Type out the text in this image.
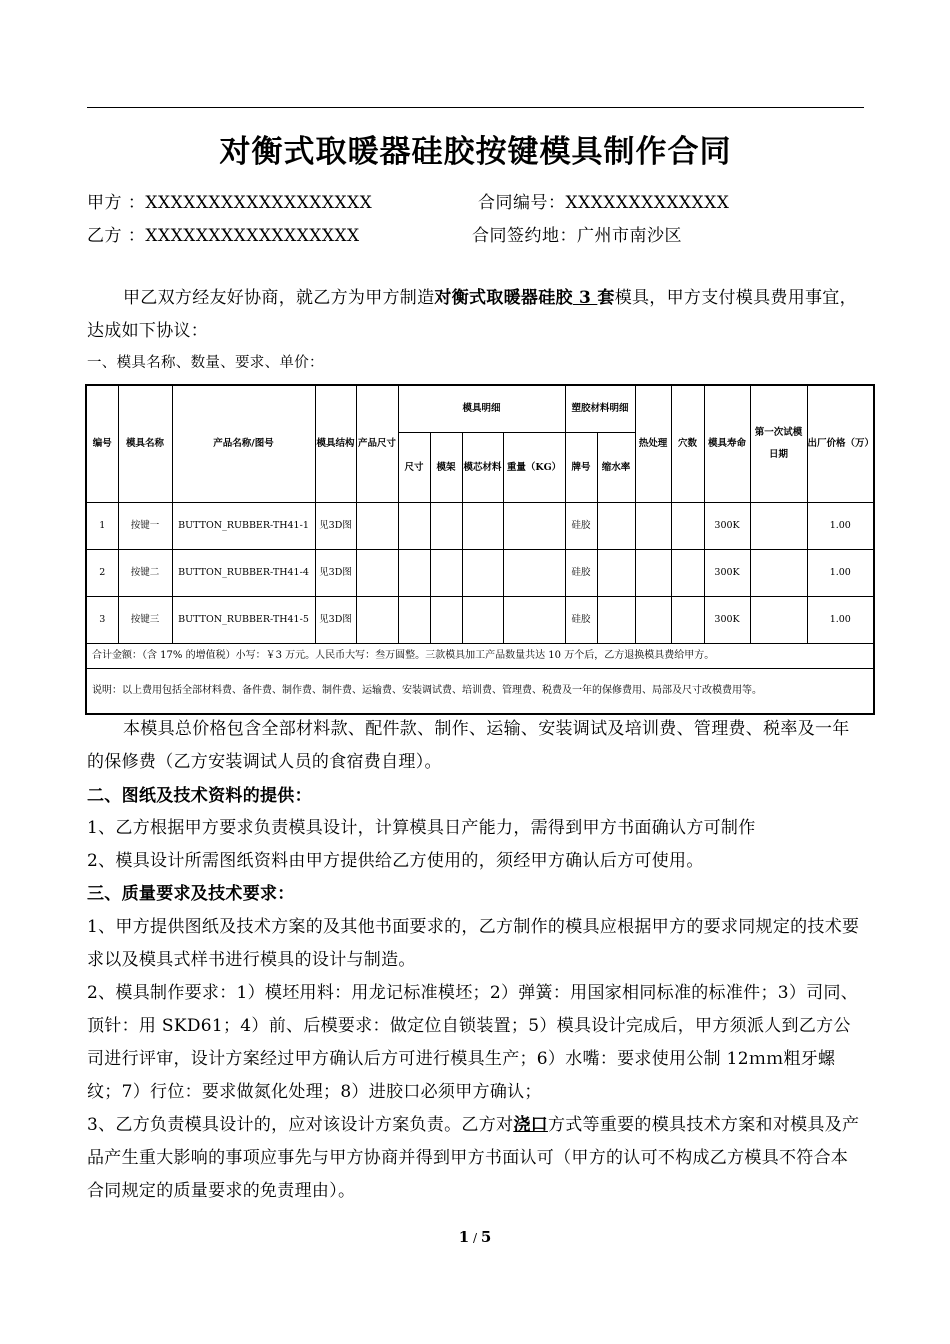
对衡式取暖器硅胶按键模具制作合同
甲方 ：XXXXXXXXXXXXXXXXXX	合同编号：XXXXXXXXXXXXX
乙方 ：XXXXXXXXXXXXXXXXX	合同签约地：广州市南沙区
甲乙双方经友好协商，就乙方为甲方制造对衡式取暖器硅胶 3 套模具，甲方支付模具费用事宜，达成如下协议：
一、模具名称、数量、要求、单价：
编号	模具名称	产品名称/图号	模具结构	产品尺寸	模具明细				塑胶材料明细		热处理	穴数	模具寿命	第一次试模日期	出厂价格（万）
					尺寸	模架	模芯材料	重量（KG）	牌号	缩水率					
1	按键一	BUTTON_RUBBER-TH41-1	见3D图						硅胶				300K		1.00
2	按键二	BUTTON_RUBBER-TH41-4	见3D图						硅胶				300K		1.00
3	按键三	BUTTON_RUBBER-TH41-5	见3D图						硅胶				300K		1.00
合计金额：（含 17% 的增值税）小写：￥3 万元。人民币大写：叁万圆整。三款模具加工产品数量共达 10 万个后，乙方退换模具费给甲方。															
说明：以上费用包括全部材料费、备件费、制作费、制件费、运输费、安装调试费、培训费、管理费、税费及一年的保修费用、局部及尺寸改模费用等。															
本模具总价格包含全部材料款、配件款、制作、运输、安装调试及培训费、管理费、税率及一年的保修费（乙方安装调试人员的食宿费自理）。
二、图纸及技术资料的提供：
1、乙方根据甲方要求负责模具设计，计算模具日产能力，需得到甲方书面确认方可制作
2、模具设计所需图纸资料由甲方提供给乙方使用的，须经甲方确认后方可使用。
三、质量要求及技术要求：
1、甲方提供图纸及技术方案的及其他书面要求的，乙方制作的模具应根据甲方的要求同规定的技术要求以及模具式样书进行模具的设计与制造。
2、模具制作要求：1）模坯用料：用龙记标准模坯；2）弹簧：用国家相同标准的标准件；3）司同、顶针：用 SKD61；4）前、后模要求：做定位自锁装置；5）模具设计完成后，甲方须派人到乙方公司进行评审，设计方案经过甲方确认后方可进行模具生产；6）水嘴：要求使用公制 12ｍｍ粗牙螺纹；7）行位：要求做氮化处理；8）进胶口必须甲方确认；
3、乙方负责模具设计的，应对该设计方案负责。乙方对浇口方式等重要的模具技术方案和对模具及产品产生重大影响的事项应事先与甲方协商并得到甲方书面认可（甲方的认可不构成乙方模具不符合本合同规定的质量要求的免责理由）。
1 / 5
